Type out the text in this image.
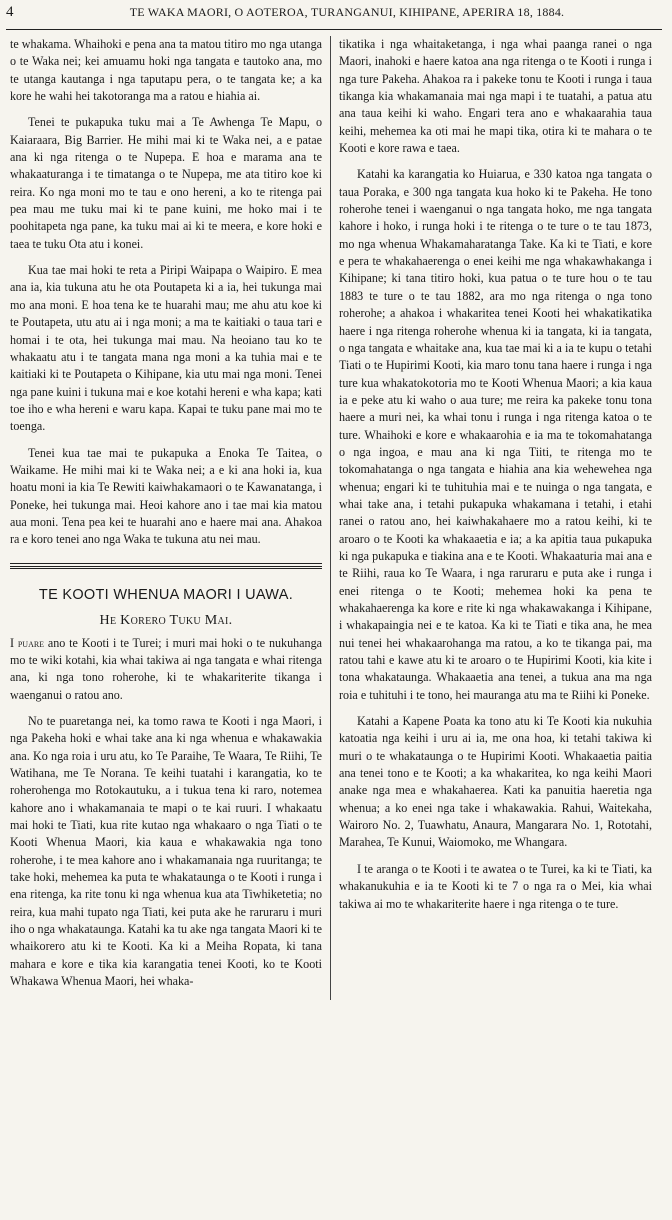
4	TE WAKA MAORI, O AOTEROA, TURANGANUI, KIHIPANE, APERIRA 18, 1884.

te whakama. Whaihoki e pena ana ta matou titiro mo nga utanga o te Waka nei; kei amuamu hoki nga tangata e tautoko ana, mo te utanga kautanga i nga taputapu pera, o te tangata ke; a ka kore he wahi hei takotoranga ma a ratou e hiahia ai.

Tenei te pukapuka tuku mai a Te Awhenga Te Mapu, o Kaiaraara, Big Barrier. He mihi mai ki te Waka nei, a e patae ana ki nga ritenga o te Nupepa. E hoa e marama ana te whakaaturanga i te timatanga o te Nupepa, me ata titiro koe ki reira. Ko nga moni mo te tau e ono hereni, a ko te ritenga pai pea mau me tuku mai ki te pane kuini, me hoko mai i te poohitapeta nga pane, ka tuku mai ai ki te meera, e kore hoki e taea te tuku Ota atu i konei.

Kua tae mai hoki te reta a Piripi Waipapa o Waipiro. E mea ana ia, kia tukuna atu he ota Poutapeta ki a ia, hei tukunga mai mo ana moni. E hoa tena ke te huarahi mau; me ahu atu koe ki te Poutapeta, utu atu ai i nga moni; a ma te kaitiaki o taua tari e homai i te ota, hei tukunga mai mau. Na heoiano tau ko te whakaatu atu i te tangata mana nga moni a ka tuhia mai e te kaitiaki ki te Poutapeta o Kihipane, kia utu mai nga moni. Tenei nga pane kuini i tukuna mai e koe kotahi hereni e wha kapa; kati toe iho e wha hereni e waru kapa. Kapai te tuku pane mai mo te toenga.

Tenei kua tae mai te pukapuka a Enoka Te Taitea, o Waikame. He mihi mai ki te Waka nei; a e ki ana hoki ia, kua hoatu moni ia kia Te Rewiti kaiwhakamaori o te Kawanatanga, i Poneke, hei tukunga mai. Heoi kahore ano i tae mai kia matou aua moni. Tena pea kei te huarahi ano e haere mai ana. Ahakoa ra e koro tenei ano nga Waka te tukuna atu nei mau.

TE KOOTI WHENUA MAORI I UAWA.
He Korero Tuku Mai.

I puare ano te Kooti i te Turei; i muri mai hoki o te nukuhanga mo te wiki kotahi, kia whai takiwa ai nga tangata e whai ritenga ana, ki nga tono roherohe, ki te whakariterite tikanga i waenganui o ratou ano.

No te puaretanga nei, ka tomo rawa te Kooti i nga Maori, i nga Pakeha hoki e whai take ana ki nga whenua e whakawakia ana. Ko nga roia i uru atu, ko Te Paraihe, Te Waara, Te Riihi, Te Watihana, me Te Norana. Te keihi tuatahi i karangatia, ko te roherohenga mo Rotokautuku, a i tukua tena ki raro, notemea kahore ano i whakamanaia te mapi o te kai ruuri. I whakaatu mai hoki te Tiati, kua rite kutao nga whakaaro o nga Tiati o te Kooti Whenua Maori, kia kaua e whakawakia nga tono roherohe, i te mea kahore ano i whakamanaia nga ruuritanga; te take hoki, mehemea ka puta te whakataunga o te Kooti i runga i ena ritenga, ka rite tonu ki nga whenua kua ata Tiwhiketetia; no reira, kua mahi tupato nga Tiati, kei puta ake he raruraru i muri iho o nga whakataunga. Katahi ka tu ake nga tangata Maori ki te whaikorero atu ki te Kooti. Ka ki a Meiha Ropata, ki tana mahara e kore e tika kia karangatia tenei Kooti, ko te Kooti Whakawa Whenua Maori, hei whaka-

tikatika i nga whaitaketanga, i nga whai paanga ranei o nga Maori, inahoki e haere katoa ana nga ritenga o te Kooti i runga i nga ture Pakeha. Ahakoa ra i pakeke tonu te Kooti i runga i taua tikanga kia whakamanaia mai nga mapi i te tuatahi, a patua atu ana taua keihi ki waho. Engari tera ano e whakaarahia taua keihi, mehemea ka oti mai he mapi tika, otira ki te mahara o te Kooti e kore rawa e taea.

Katahi ka karangatia ko Huiarua, e 330 katoa nga tangata o taua Poraka, e 300 nga tangata kua hoko ki te Pakeha. He tono roherohe tenei i waenganui o nga tangata hoko, me nga tangata kahore i hoko, i runga hoki i te ritenga o te ture o te tau 1873, mo nga whenua Whakamaharatanga Take. Ka ki te Tiati, e kore e pera te whakahaerenga o enei keihi me nga whakawhakanga i Kihipane; ki tana titiro hoki, kua patua o te ture hou o te tau 1883 te ture o te tau 1882, ara mo nga ritenga o nga tono roherohe; a ahakoa i whakaritea tenei Kooti hei whakatikatika haere i nga ritenga roherohe whenua ki ia tangata, ki ia tangata, o nga tangata e whaitake ana, kua tae mai ki a ia te kupu o tetahi Tiati o te Hupirimi Kooti, kia maro tonu tana haere i runga i nga ture kua whakatokotoria mo te Kooti Whenua Maori; a kia kaua ia e peke atu ki waho o aua ture; me reira ka pakeke tonu tona haere a muri nei, ka whai tonu i runga i nga ritenga katoa o te ture. Whaihoki e kore e whakaarohia e ia ma te tokomahatanga o nga ingoa, e mau ana ki nga Tiiti, te ritenga mo te tokomahatanga o nga tangata e hiahia ana kia wehewehea nga whenua; engari ki te tuhituhia mai e te nuinga o nga tangata, e whai take ana, i tetahi pukapuka whakamana i tetahi, i etahi ranei o ratou ano, hei kaiwhakahaere mo a ratou keihi, ki te aroaro o te Kooti ka whakaaetia e ia; a ka apitia taua pukapuka ki nga pukapuka e tiakina ana e te Kooti. Whakaaturia mai ana e te Riihi, raua ko Te Waara, i nga raruraru e puta ake i runga i enei ritenga o te Kooti; mehemea hoki ka pena te whakahaerenga ka kore e rite ki nga whakawakanga i Kihipane, i whakapaingia nei e te katoa. Ka ki te Tiati e tika ana, he mea nui tenei hei whakaarohanga ma ratou, a ko te tikanga pai, ma ratou tahi e kawe atu ki te aroaro o te Hupirimi Kooti, kia kite i tona whakataunga. Whakaaetia ana tenei, a tukua ana ma nga roia e tuhituhi i te tono, hei mauranga atu ma te Riihi ki Poneke.

Katahi a Kapene Poata ka tono atu ki Te Kooti kia nukuhia katoatia nga keihi i uru ai ia, me ona hoa, ki tetahi takiwa ki muri o te whakataunga o te Hupirimi Kooti. Whakaaetia paitia ana tenei tono e te Kooti; a ka whakaritea, ko nga keihi Maori anake nga mea e whakahaerea. Kati ka panuitia haeretia nga whenua; a ko enei nga take i whakawakia. Rahui, Waitekaha, Wairoro No. 2, Tuawhatu, Anaura, Mangarara No. 1, Rototahi, Marahea, Te Kunui, Waiomoko, me Whangara.

I te aranga o te Kooti i te awatea o te Turei, ka ki te Tiati, ka whakanukuhia e ia te Kooti ki te 7 o nga ra o Mei, kia whai takiwa ai mo te whakariterite haere i nga ritenga o te ture.
